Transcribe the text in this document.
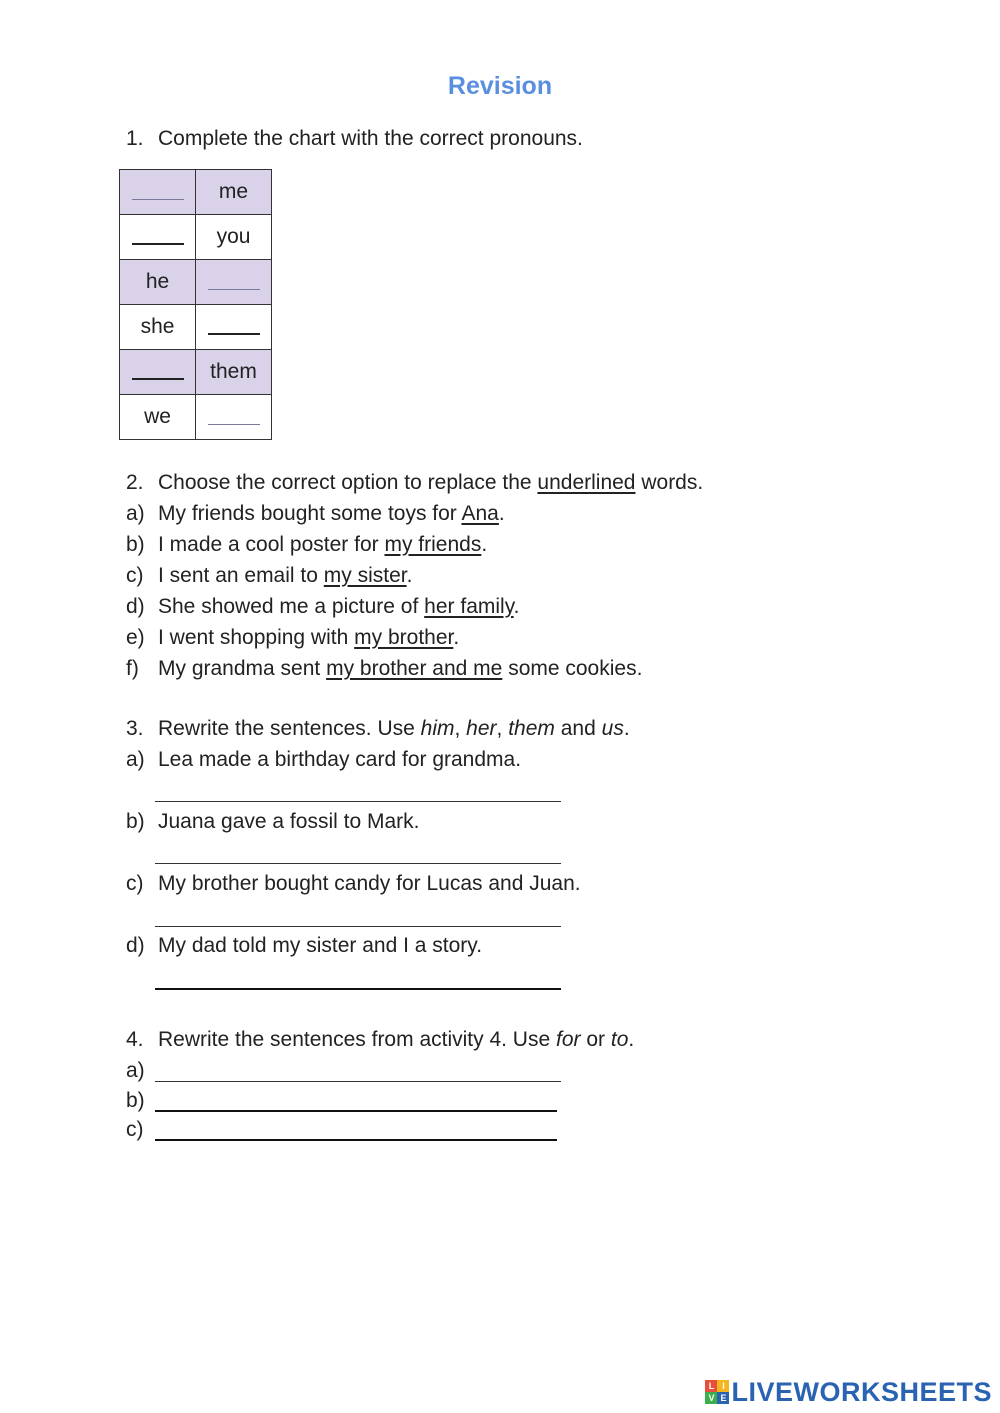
Revision
1. Complete the chart with the correct pronouns.
	me
	you
he	
she	
	them
we	
2. Choose the correct option to replace the underlined words.
a) My friends bought some toys for Ana.
b) I made a cool poster for my friends.
c) I sent an email to my sister.
d) She showed me a picture of her family.
e) I went shopping with my brother.
f) My grandma sent my brother and me some cookies.
3. Rewrite the sentences. Use him, her, them and us.
a) Lea made a birthday card for grandma.
b) Juana gave a fossil to Mark.
c) My brother bought candy for Lucas and Juan.
d) My dad told my sister and I a story.
4. Rewrite the sentences from activity 4. Use for or to.
a)
b)
c)
L I
V E LIVEWORKSHEETS
